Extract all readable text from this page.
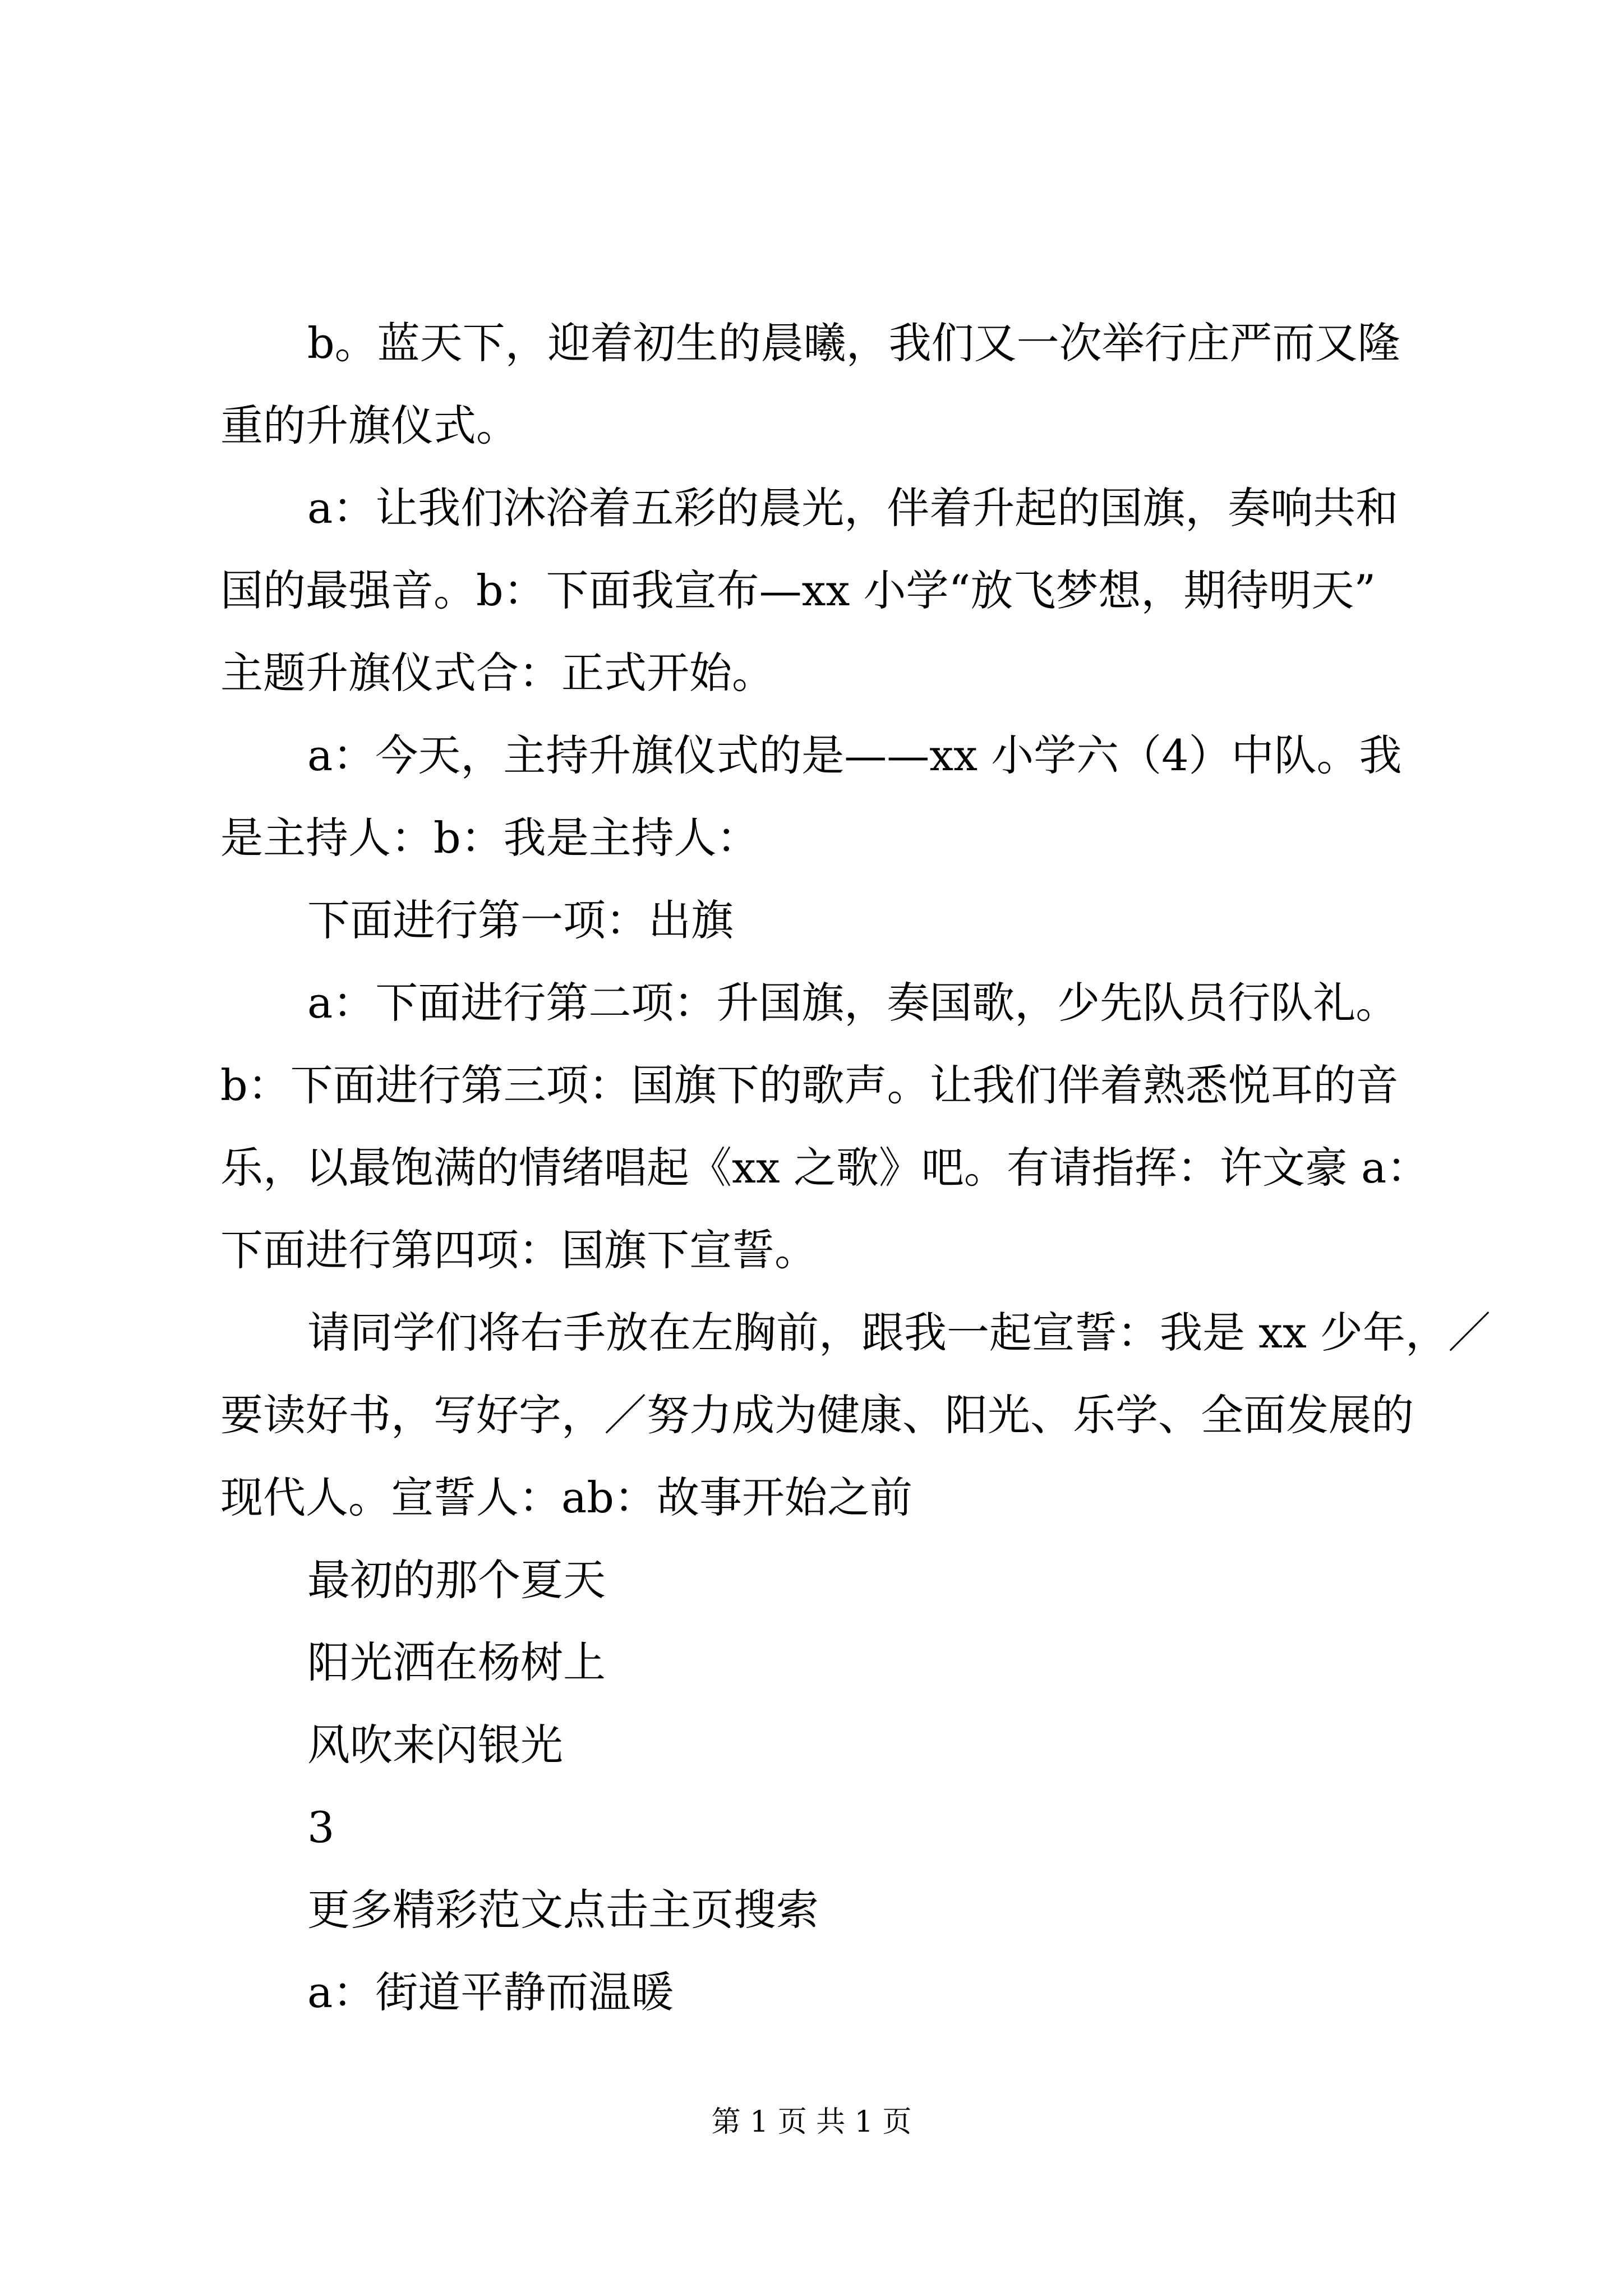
b。蓝天下，迎着初生的晨曦，我们又一次举行庄严而又隆
重的升旗仪式。
a：让我们沐浴着五彩的晨光，伴着升起的国旗，奏响共和
国的最强音。b：下面我宣布—xx 小学“放飞梦想，期待明天”
主题升旗仪式合：正式开始。
a：今天，主持升旗仪式的是——xx 小学六（4）中队。我
是主持人：b：我是主持人：
下面进行第一项：出旗
a：下面进行第二项：升国旗，奏国歌，少先队员行队礼。
b：下面进行第三项：国旗下的歌声。让我们伴着熟悉悦耳的音
乐，以最饱满的情绪唱起《xx 之歌》吧。有请指挥：许文豪 a：
下面进行第四项：国旗下宣誓。
请同学们将右手放在左胸前，跟我一起宣誓：我是 xx 少年，／
要读好书，写好字，／努力成为健康、阳光、乐学、全面发展的
现代人。宣誓人：ab：故事开始之前
最初的那个夏天
阳光洒在杨树上
风吹来闪银光
3
更多精彩范文点击主页搜索
a：街道平静而温暖
第 1 页 共 1 页
